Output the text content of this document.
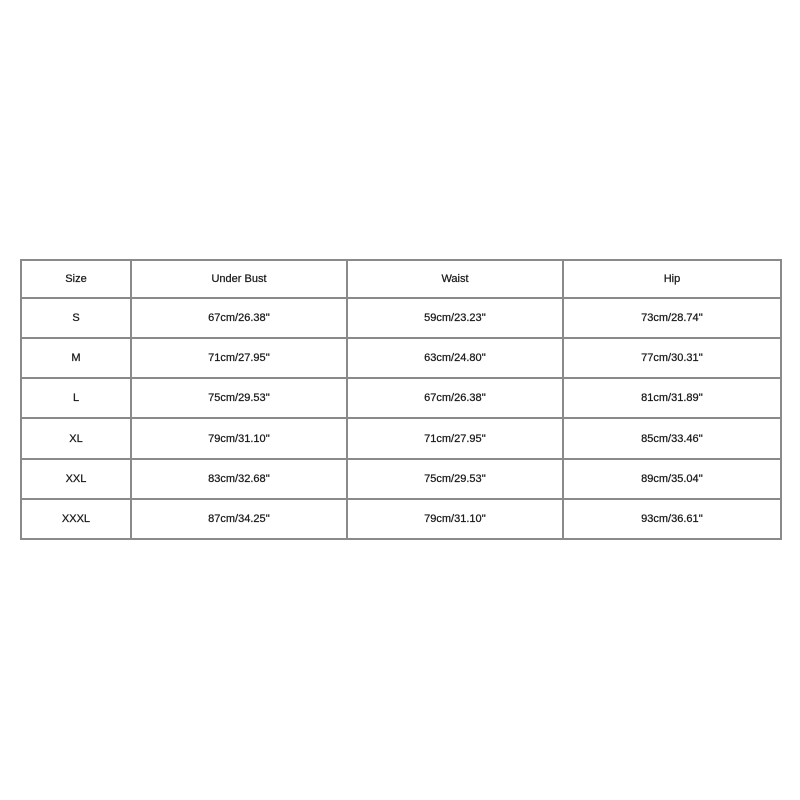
Size	Under Bust	Waist	Hip
S	67cm/26.38''	59cm/23.23''	73cm/28.74''
M	71cm/27.95''	63cm/24.80''	77cm/30.31''
L	75cm/29.53''	67cm/26.38''	81cm/31.89''
XL	79cm/31.10''	71cm/27.95''	85cm/33.46''
XXL	83cm/32.68''	75cm/29.53''	89cm/35.04''
XXXL	87cm/34.25''	79cm/31.10''	93cm/36.61''
